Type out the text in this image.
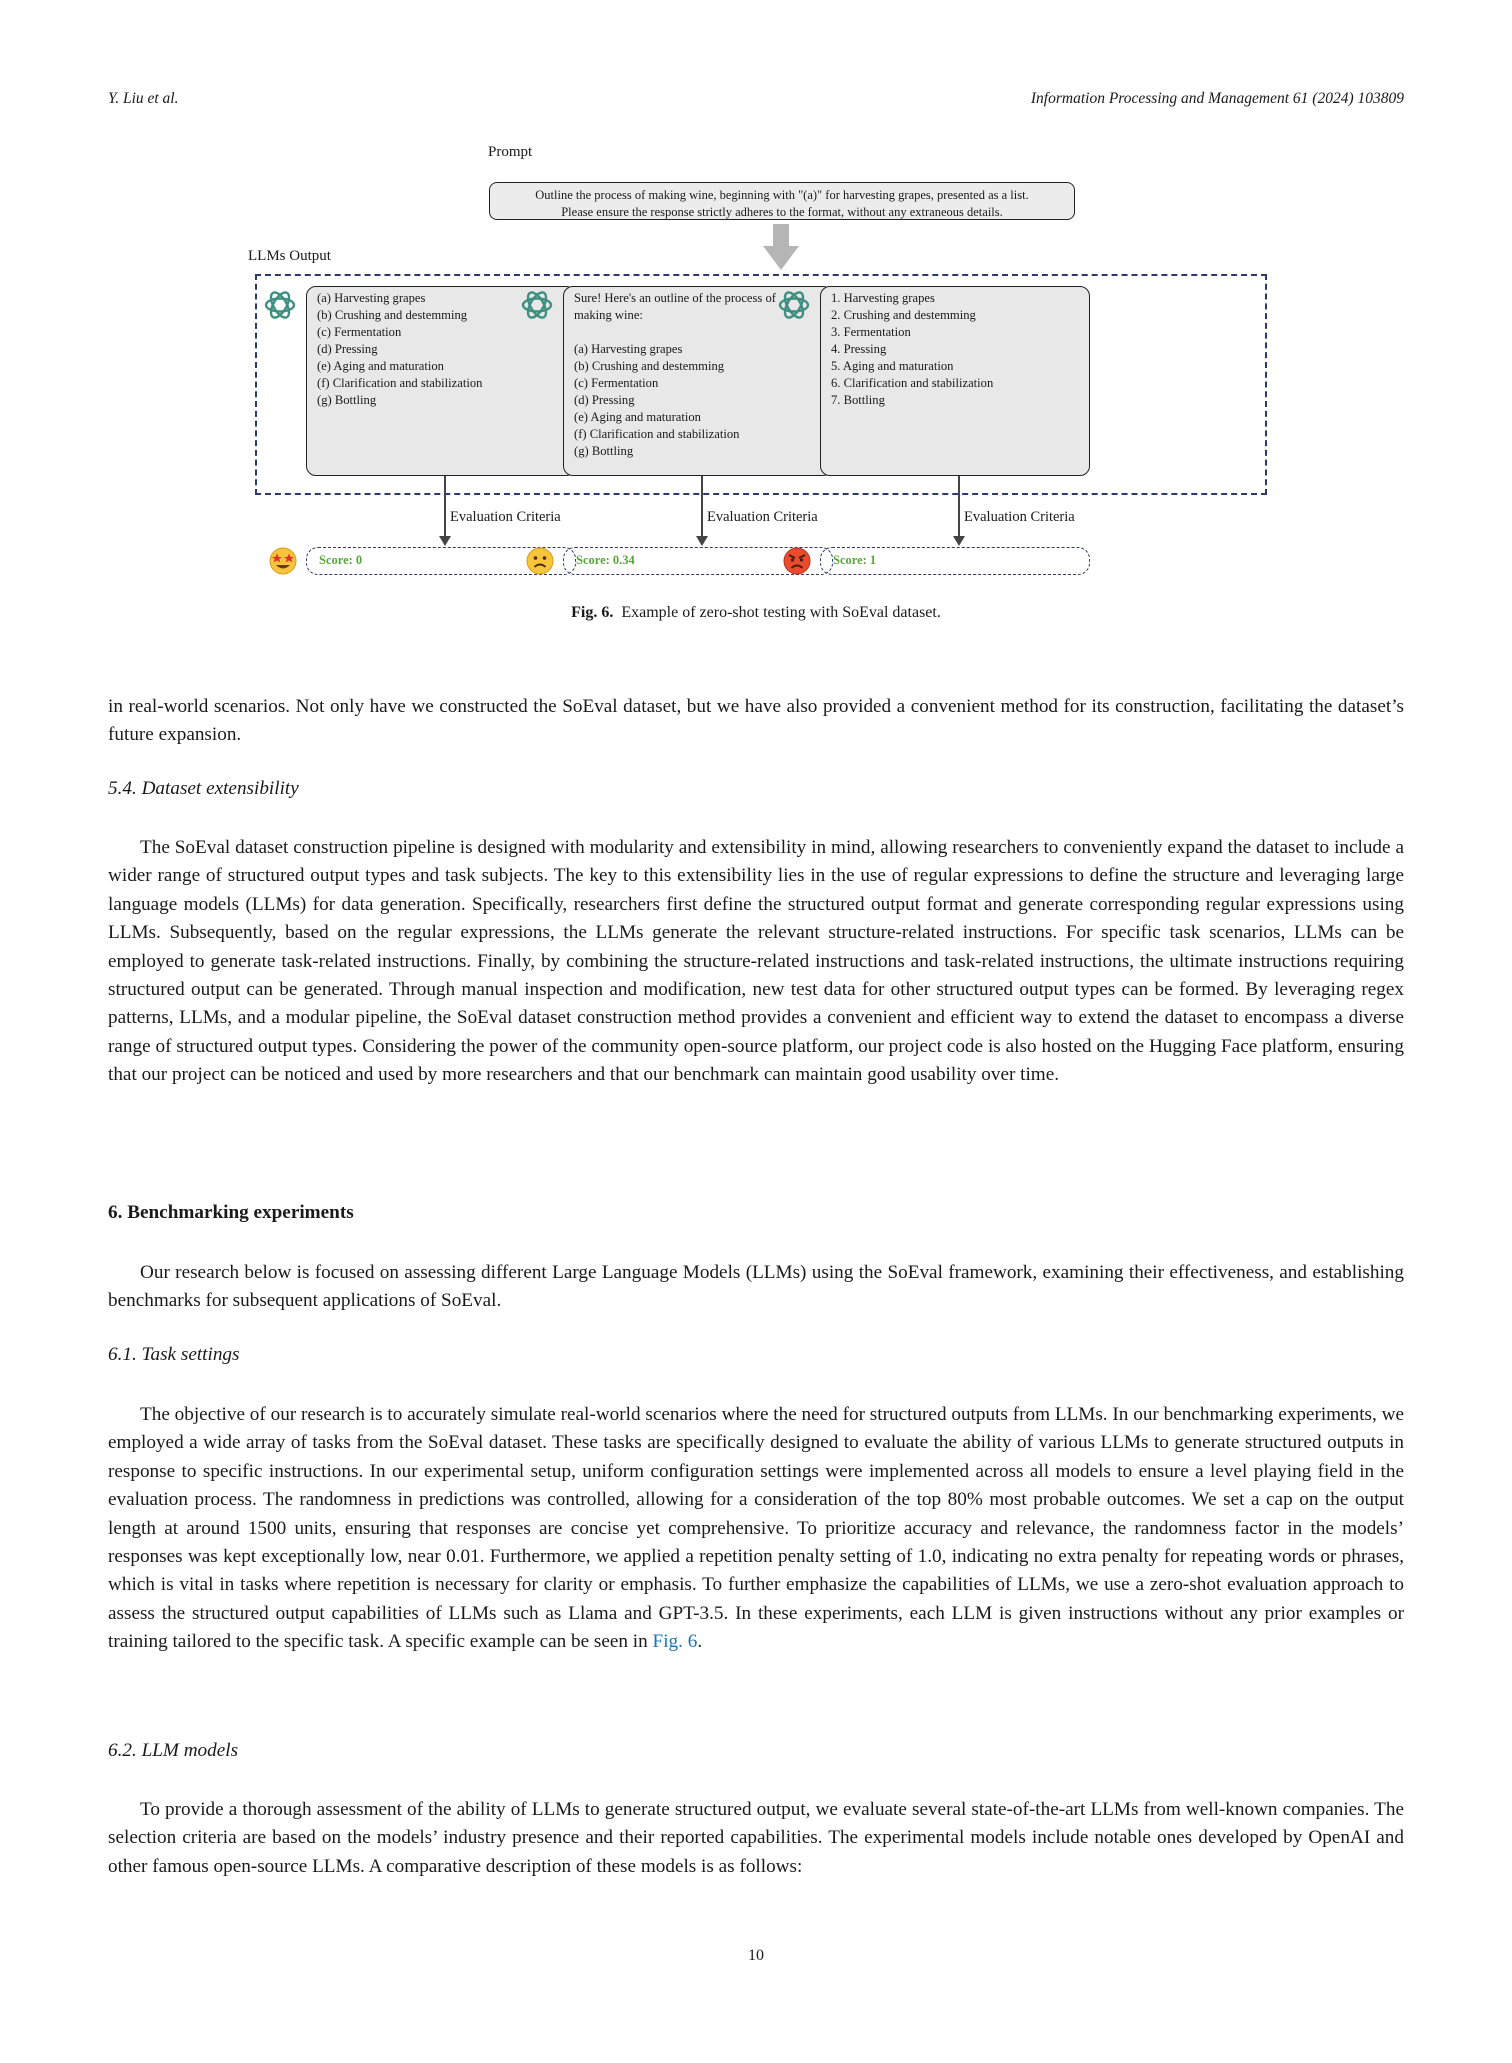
Y. Liu et al.	Information Processing and Management 61 (2024) 103809
Prompt
Outline the process of making wine, beginning with "(a)" for harvesting grapes, presented as a list.
Please ensure the response strictly adheres to the format, without any extraneous details.
LLMs Output
(a) Harvesting grapes
(b) Crushing and destemming
(c) Fermentation
(d) Pressing
(e) Aging and maturation
(f) Clarification and stabilization
(g) Bottling
Evaluation Criteria
Score: 0
Sure! Here's an outline of the process of
making wine:
(a) Harvesting grapes
(b) Crushing and destemming
(c) Fermentation
(d) Pressing
(e) Aging and maturation
(f) Clarification and stabilization
(g) Bottling
Evaluation Criteria
Score: 0.34
1. Harvesting grapes
2. Crushing and destemming
3. Fermentation
4. Pressing
5. Aging and maturation
6. Clarification and stabilization
7. Bottling
Evaluation Criteria
Score: 1
Fig. 6. Example of zero-shot testing with SoEval dataset.

in real-world scenarios. Not only have we constructed the SoEval dataset, but we have also provided a convenient method for its construction, facilitating the dataset’s future expansion.

5.4. Dataset extensibility

The SoEval dataset construction pipeline is designed with modularity and extensibility in mind, allowing researchers to conveniently expand the dataset to include a wider range of structured output types and task subjects. The key to this extensibility lies in the use of regular expressions to define the structure and leveraging large language models (LLMs) for data generation. Specifically, researchers first define the structured output format and generate corresponding regular expressions using LLMs. Subsequently, based on the regular expressions, the LLMs generate the relevant structure-related instructions. For specific task scenarios, LLMs can be employed to generate task-related instructions. Finally, by combining the structure-related instructions and task-related instructions, the ultimate instructions requiring structured output can be generated. Through manual inspection and modification, new test data for other structured output types can be formed. By leveraging regex patterns, LLMs, and a modular pipeline, the SoEval dataset construction method provides a convenient and efficient way to extend the dataset to encompass a diverse range of structured output types. Considering the power of the community open-source platform, our project code is also hosted on the Hugging Face platform, ensuring that our project can be noticed and used by more researchers and that our benchmark can maintain good usability over time.

6. Benchmarking experiments

Our research below is focused on assessing different Large Language Models (LLMs) using the SoEval framework, examining their effectiveness, and establishing benchmarks for subsequent applications of SoEval.

6.1. Task settings

The objective of our research is to accurately simulate real-world scenarios where the need for structured outputs from LLMs. In our benchmarking experiments, we employed a wide array of tasks from the SoEval dataset. These tasks are specifically designed to evaluate the ability of various LLMs to generate structured outputs in response to specific instructions. In our experimental setup, uniform configuration settings were implemented across all models to ensure a level playing field in the evaluation process. The randomness in predictions was controlled, allowing for a consideration of the top 80% most probable outcomes. We set a cap on the output length at around 1500 units, ensuring that responses are concise yet comprehensive. To prioritize accuracy and relevance, the randomness factor in the models’ responses was kept exceptionally low, near 0.01. Furthermore, we applied a repetition penalty setting of 1.0, indicating no extra penalty for repeating words or phrases, which is vital in tasks where repetition is necessary for clarity or emphasis. To further emphasize the capabilities of LLMs, we use a zero-shot evaluation approach to assess the structured output capabilities of LLMs such as Llama and GPT-3.5. In these experiments, each LLM is given instructions without any prior examples or training tailored to the specific task. A specific example can be seen in Fig. 6.

6.2. LLM models

To provide a thorough assessment of the ability of LLMs to generate structured output, we evaluate several state-of-the-art LLMs from well-known companies. The selection criteria are based on the models’ industry presence and their reported capabilities. The experimental models include notable ones developed by OpenAI and other famous open-source LLMs. A comparative description of these models is as follows:

10
